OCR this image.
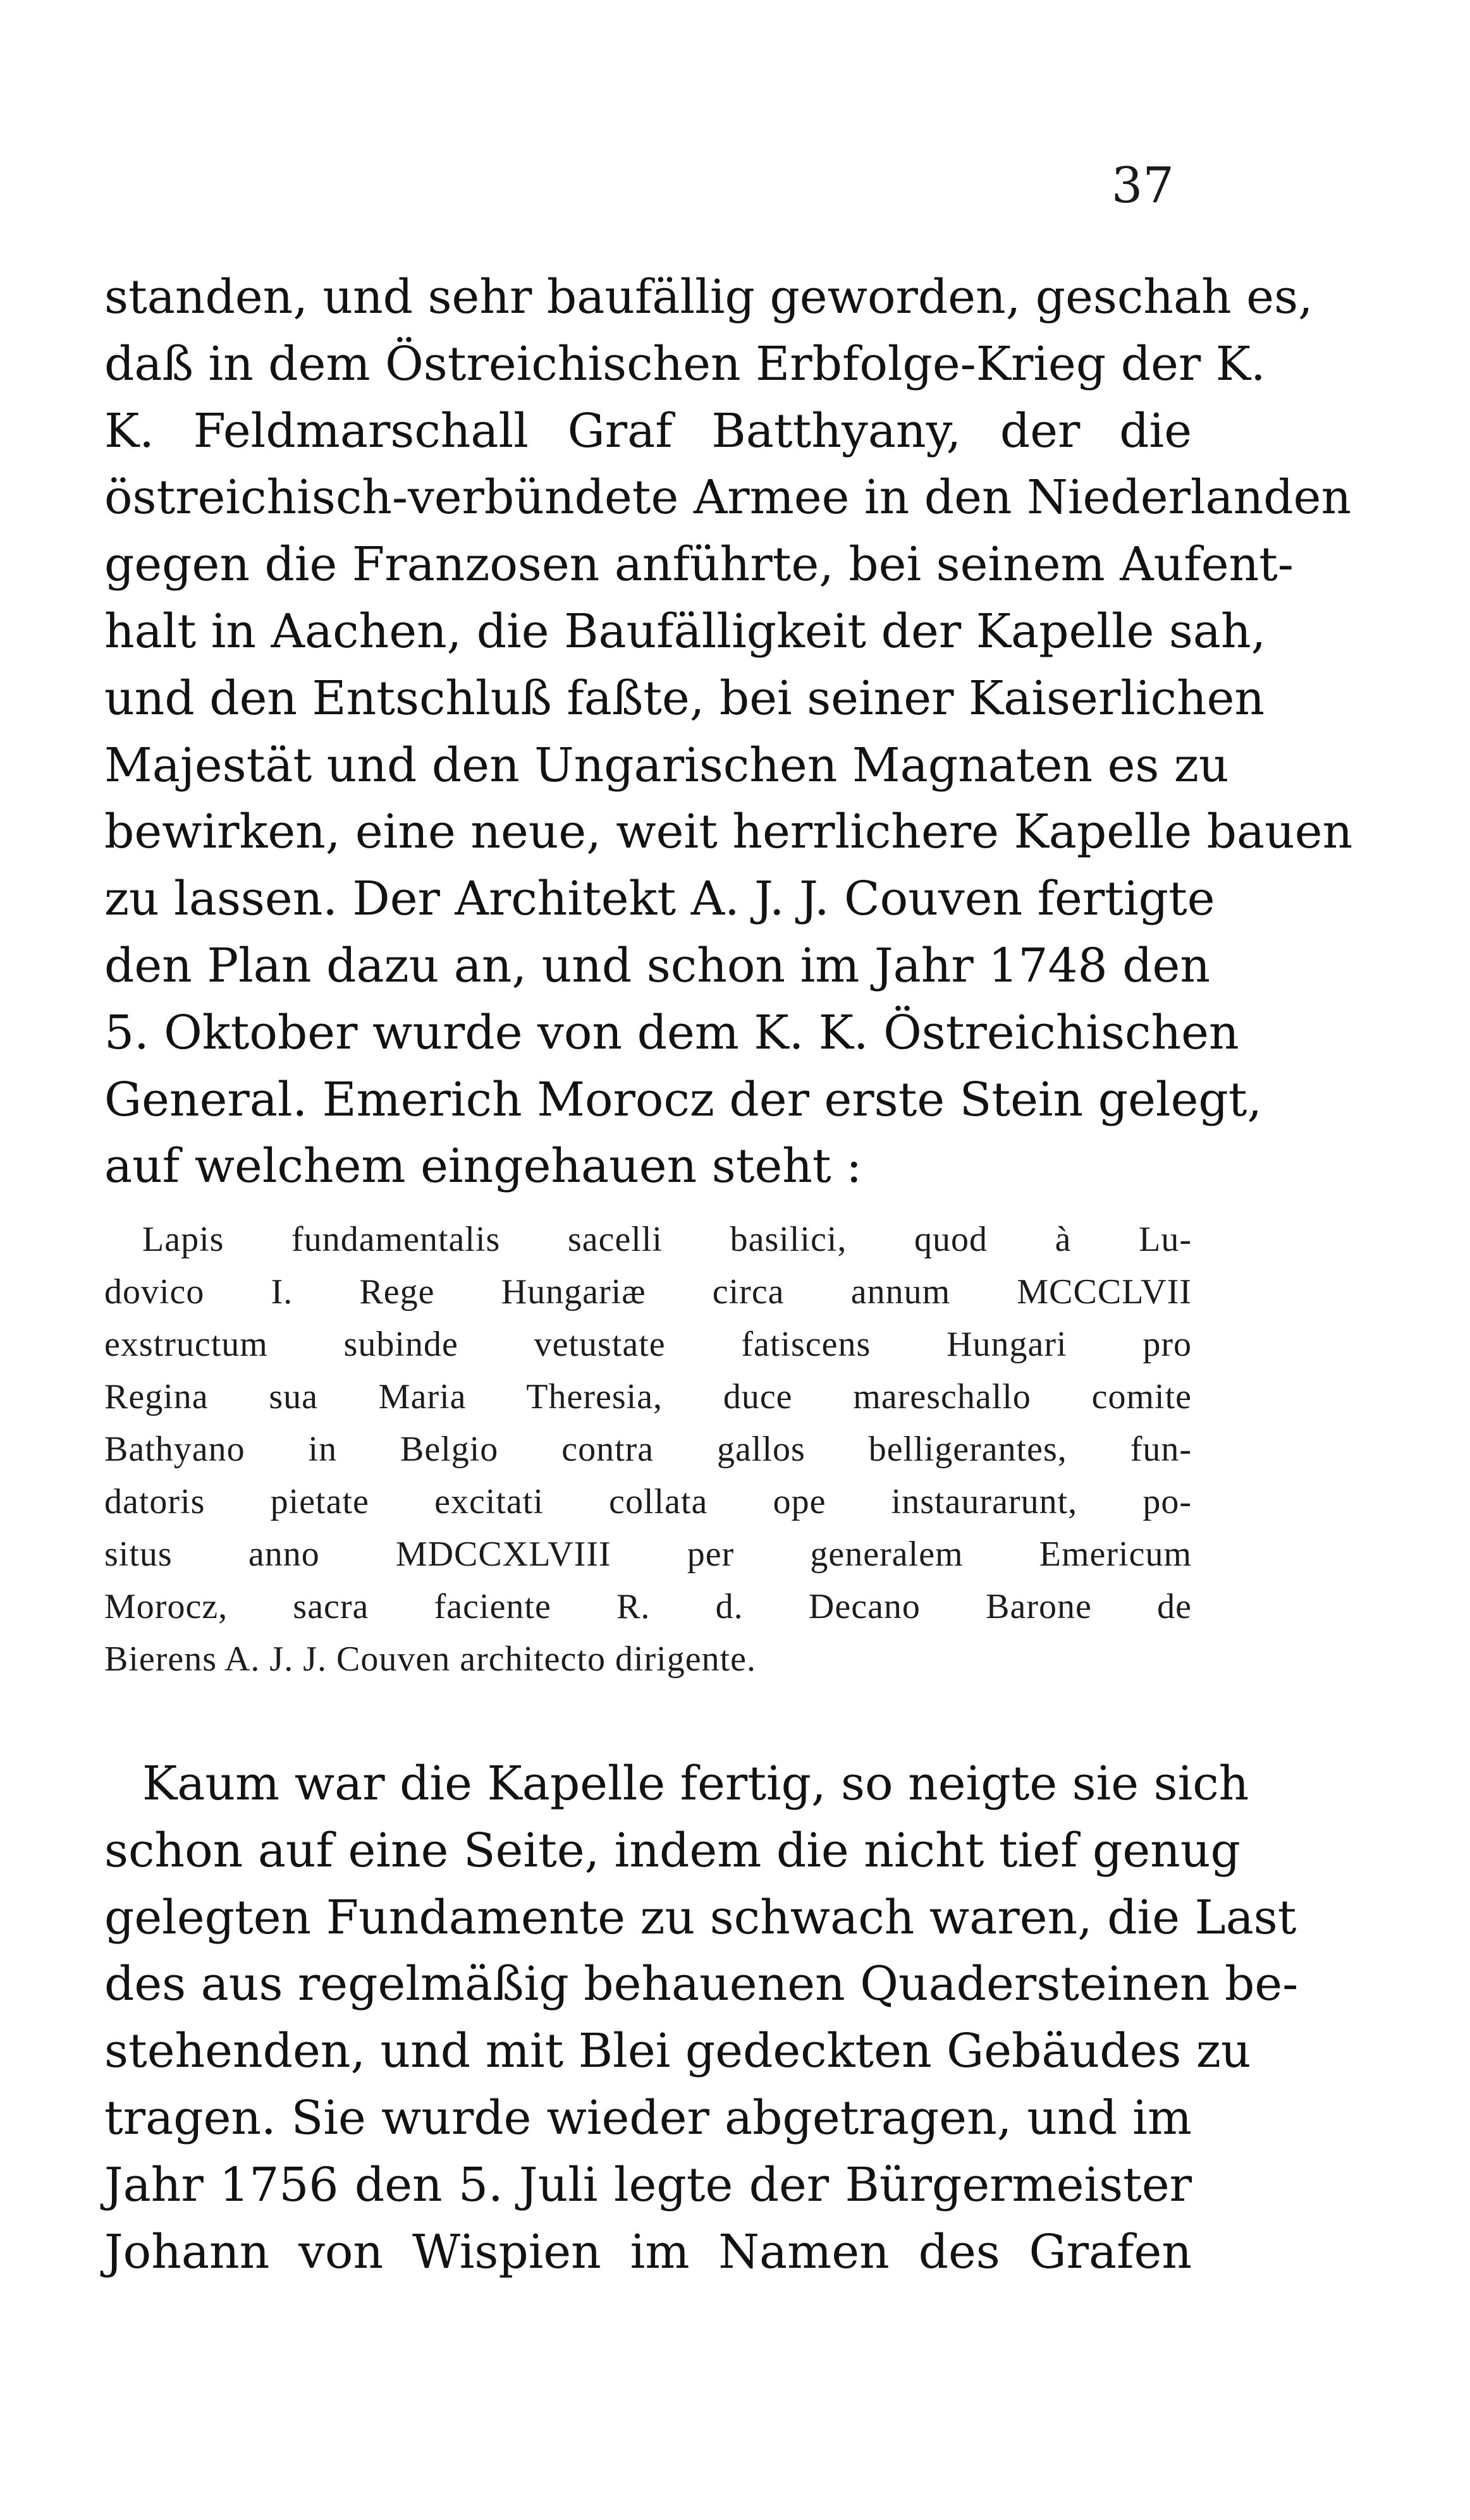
37
standen, und sehr baufällig geworden, geschah es,
daß in dem Östreichischen Erbfolge-Krieg der K.
K. Feldmarschall Graf Batthyany, der die
östreichisch-verbündete Armee in den Niederlanden
gegen die Franzosen anführte, bei seinem Aufent-
halt in Aachen, die Baufälligkeit der Kapelle sah,
und den Entschluß faßte, bei seiner Kaiserlichen
Majestät und den Ungarischen Magnaten es zu
bewirken, eine neue, weit herrlichere Kapelle bauen
zu lassen. Der Architekt A. J. J. Couven fertigte
den Plan dazu an, und schon im Jahr 1748 den
5. Oktober wurde von dem K. K. Östreichischen
General. Emerich Morocz der erste Stein gelegt,
auf welchem eingehauen steht :
Lapis fundamentalis sacelli basilici, quod à Lu-
dovico I. Rege Hungariæ circa annum MCCCLVII
exstructum subinde vetustate fatiscens Hungari pro
Regina sua Maria Theresia, duce mareschallo comite
Bathyano in Belgio contra gallos belligerantes, fun-
datoris pietate excitati collata ope instaurarunt, po-
situs anno MDCCXLVIII per generalem Emericum
Morocz, sacra faciente R. d. Decano Barone de
Bierens A. J. J. Couven architecto dirigente.
Kaum war die Kapelle fertig, so neigte sie sich
schon auf eine Seite, indem die nicht tief genug
gelegten Fundamente zu schwach waren, die Last
des aus regelmäßig behauenen Quadersteinen be-
stehenden, und mit Blei gedeckten Gebäudes zu
tragen. Sie wurde wieder abgetragen, und im
Jahr 1756 den 5. Juli legte der Bürgermeister
Johann von Wispien im Namen des Grafen
